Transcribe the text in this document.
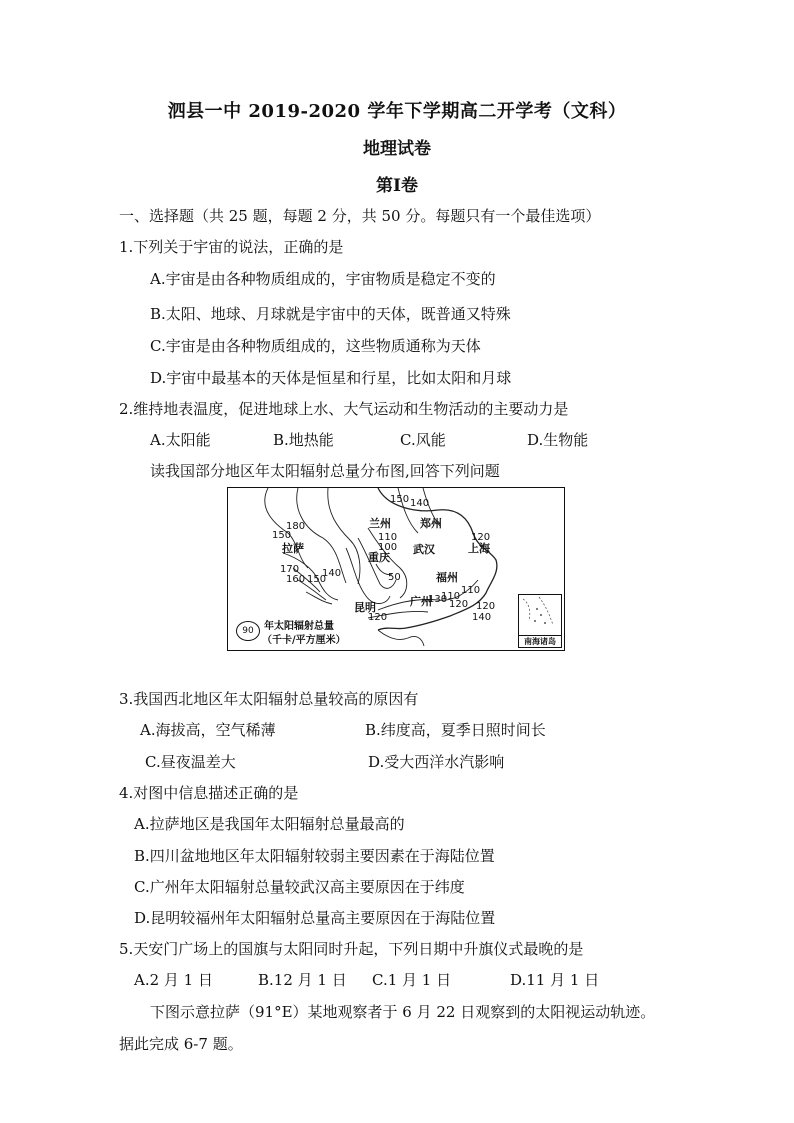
泗县一中 2019-2020 学年下学期高二开学考（文科）
地理试卷
第Ⅰ卷
一、选择题（共 25 题，每题 2 分，共 50 分。每题只有一个最佳选项）
1.下列关于宇宙的说法，正确的是
A.宇宙是由各种物质组成的，宇宙物质是稳定不变的
B.太阳、地球、月球就是宇宙中的天体，既普通又特殊
C.宇宙是由各种物质组成的，这些物质通称为天体
D.宇宙中最基本的天体是恒星和行星，比如太阳和月球
2.维持地表温度，促进地球上水、大气运动和生物活动的主要动力是
A.太阳能	B.地热能	C.风能	D.生物能
读我国部分地区年太阳辐射总量分布图,回答下列问题
150 140
180
150	110
100
120
170
160 150
140	50
110
110
120
130
120
140
120
兰州	郑州
拉萨	武汉	上海
重庆
福州
昆明	广州
90	年太阳辐射总量
（千卡/平方厘米）	南海诸岛
3.我国西北地区年太阳辐射总量较高的原因有
A.海拔高，空气稀薄	B.纬度高，夏季日照时间长
C.昼夜温差大	D.受大西洋水汽影响
4.对图中信息描述正确的是
A.拉萨地区是我国年太阳辐射总量最高的
B.四川盆地地区年太阳辐射较弱主要因素在于海陆位置
C.广州年太阳辐射总量较武汉高主要原因在于纬度
D.昆明较福州年太阳辐射总量高主要原因在于海陆位置
5.天安门广场上的国旗与太阳同时升起，下列日期中升旗仪式最晚的是
A.2 月 1 日	B.12 月 1 日 C.1 月 1 日	D.11 月 1 日
下图示意拉萨（91°E）某地观察者于 6 月 22 日观察到的太阳视运动轨迹。
据此完成 6-7 题。
